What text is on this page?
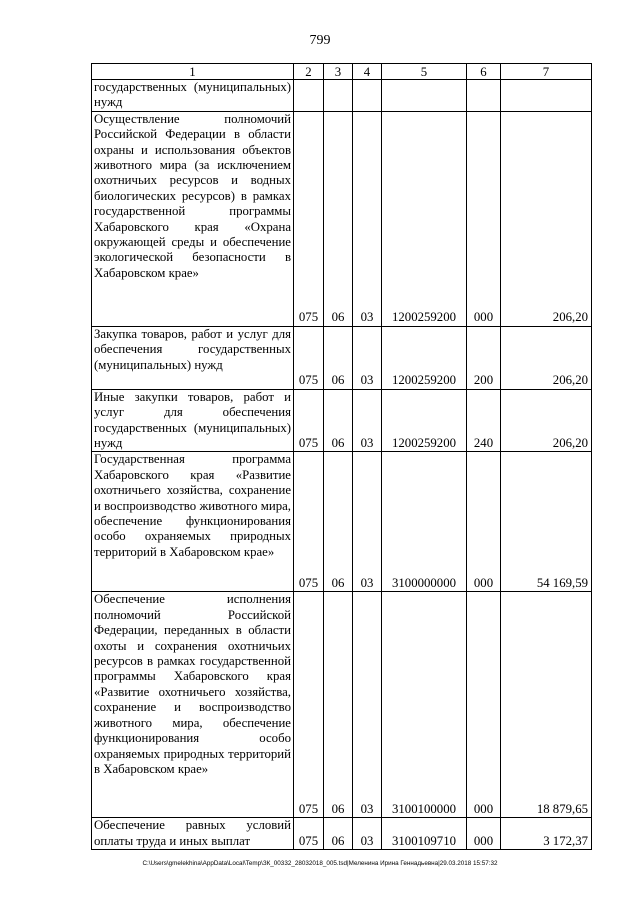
799
1	2	3	4	5	6	7
государственных (муниципальных) нужд						
Осуществление полномочий Российской Федерации в области охраны и использования объектов животного мира (за исключением охотничьих ресурсов и водных биологических ресурсов) в рамках государственной программы Хабаровского края «Охрана окружающей среды и обеспечение экологической безопасности в Хабаровском крае»	075	06	03	1200259200	000	206,20
Закупка товаров, работ и услуг для обеспечения государственных (муниципальных) нужд	075	06	03	1200259200	200	206,20
Иные закупки товаров, работ и услуг для обеспечения государственных (муниципальных) нужд	075	06	03	1200259200	240	206,20
Государственная программа Хабаровского края «Развитие охотничьего хозяйства, сохранение и воспроизводство животного мира, обеспечение функционирования особо охраняемых природных территорий в Хабаровском крае»	075	06	03	3100000000	000	54 169,59
Обеспечение исполнения полномочий Российской Федерации, переданных в области охоты и сохранения охотничьих ресурсов в рамках государственной программы Хабаровского края «Развитие охотничьего хозяйства, сохранение и воспроизводство животного мира, обеспечение функционирования особо охраняемых природных территорий в Хабаровском крае»	075	06	03	3100100000	000	18 879,65
Обеспечение равных условий оплаты труда и иных выплат	075	06	03	3100109710	000	3 172,37
C:\Users\gmelekhina\AppData\Local\Temp\ЗК_00332_28032018_005.tsd|Меленина Ирина Геннадьевна|29.03.2018 15:57:32
